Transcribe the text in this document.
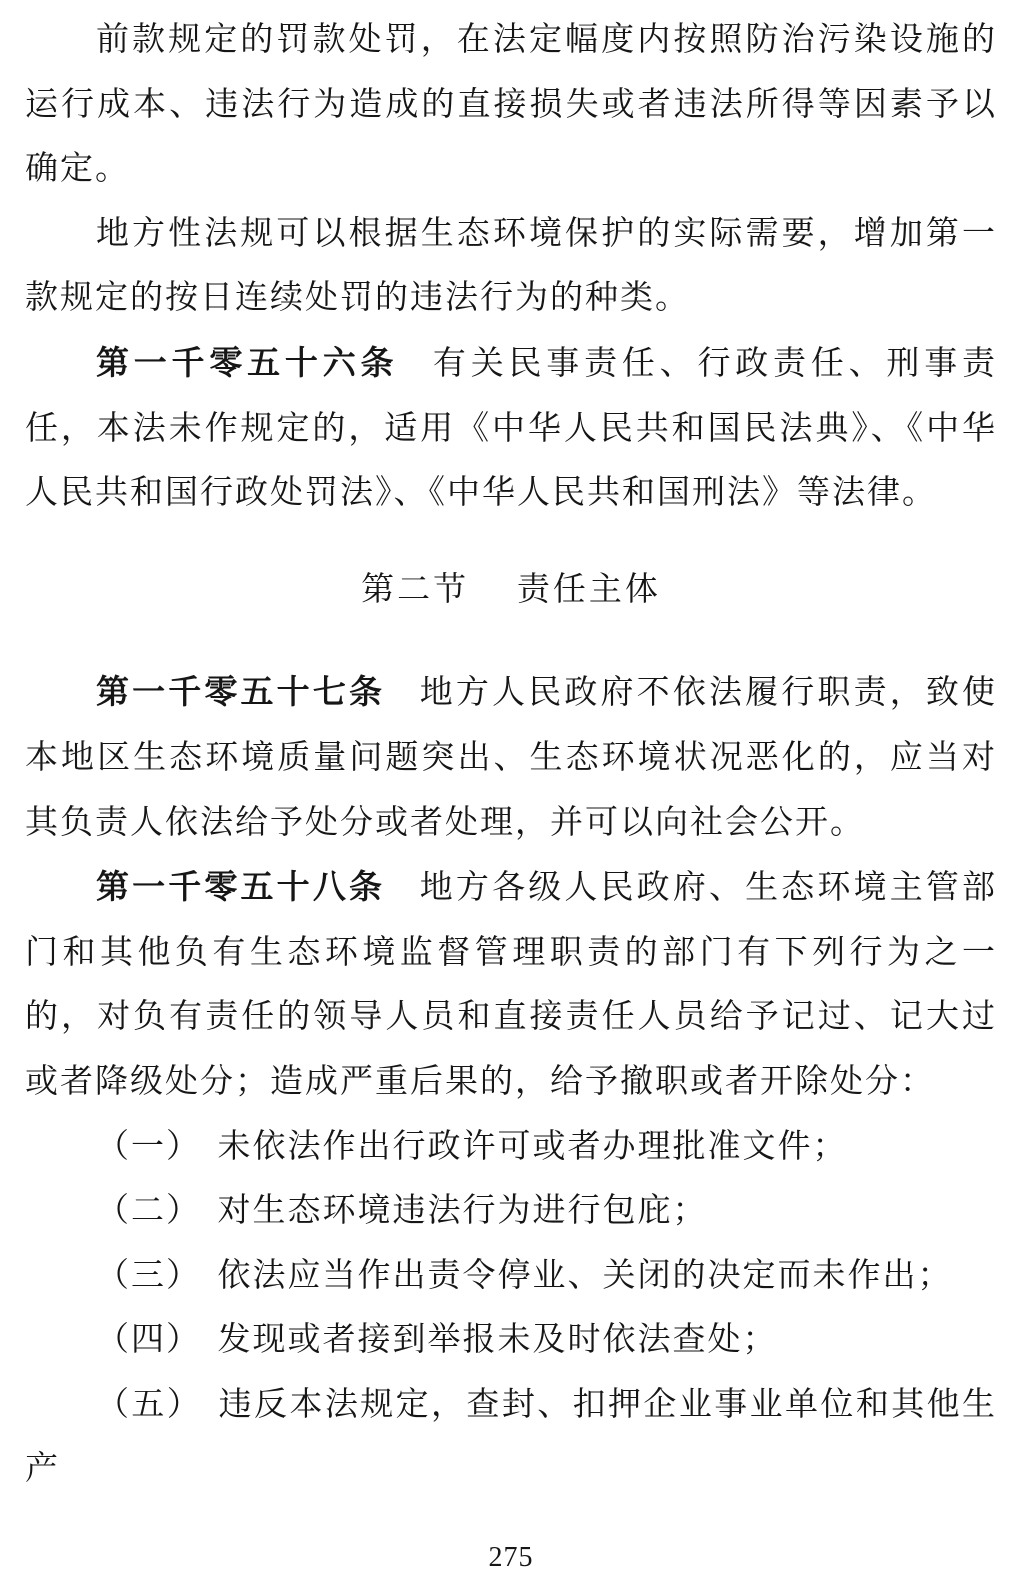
前款规定的罚款处罚，在法定幅度内按照防治污染设施的运行成本、违法行为造成的直接损失或者违法所得等因素予以确定。

地方性法规可以根据生态环境保护的实际需要，增加第一款规定的按日连续处罚的违法行为的种类。

第一千零五十六条 有关民事责任、行政责任、刑事责任，本法未作规定的，适用《中华人民共和国民法典》、《中华人民共和国行政处罚法》、《中华人民共和国刑法》等法律。

第二节 责任主体

第一千零五十七条 地方人民政府不依法履行职责，致使本地区生态环境质量问题突出、生态环境状况恶化的，应当对其负责人依法给予处分或者处理，并可以向社会公开。

第一千零五十八条 地方各级人民政府、生态环境主管部门和其他负有生态环境监督管理职责的部门有下列行为之一的，对负有责任的领导人员和直接责任人员给予记过、记大过或者降级处分；造成严重后果的，给予撤职或者开除处分：

（一） 未依法作出行政许可或者办理批准文件；

（二） 对生态环境违法行为进行包庇；

（三） 依法应当作出责令停业、关闭的决定而未作出；

（四） 发现或者接到举报未及时依法查处；

（五） 违反本法规定，查封、扣押企业事业单位和其他生产

275
